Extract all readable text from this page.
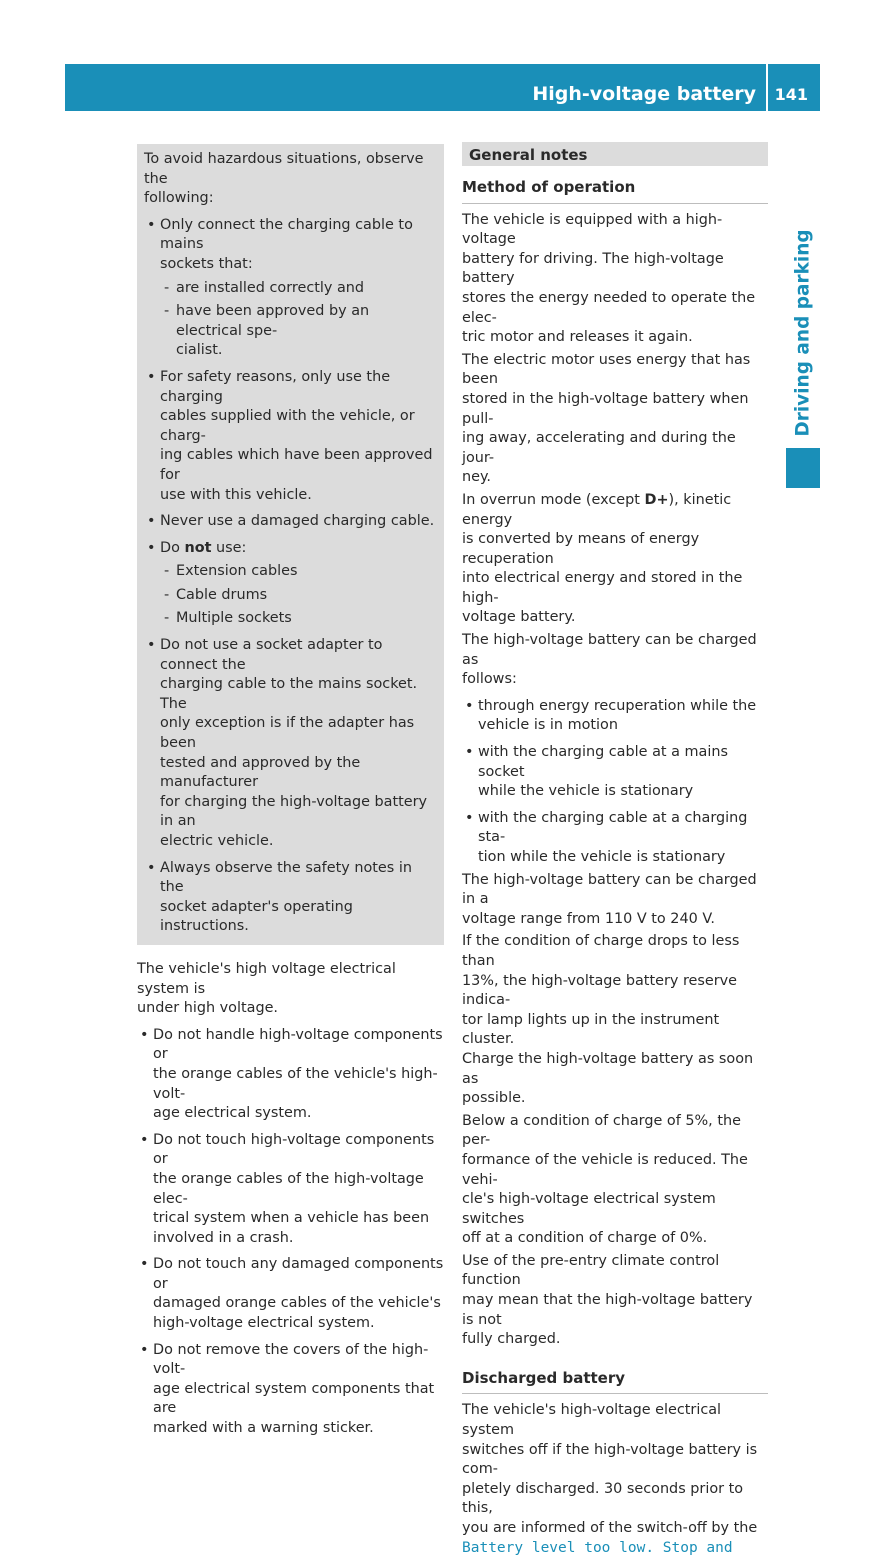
High-voltage battery 141
Driving and parking

To avoid hazardous situations, observe the
following:

• Only connect the charging cable to mains
sockets that:
- are installed correctly and
- have been approved by an electrical spe-
cialist.
• For safety reasons, only use the charging
cables supplied with the vehicle, or charg-
ing cables which have been approved for
use with this vehicle.
• Never use a damaged charging cable.
• Do not use:
- Extension cables
- Cable drums
- Multiple sockets
• Do not use a socket adapter to connect the
charging cable to the mains socket. The
only exception is if the adapter has been
tested and approved by the manufacturer
for charging the high-voltage battery in an
electric vehicle.
• Always observe the safety notes in the
socket adapter's operating instructions.

The vehicle's high voltage electrical system is
under high voltage.

• Do not handle high-voltage components or
the orange cables of the vehicle's high-volt-
age electrical system.
• Do not touch high-voltage components or
the orange cables of the high-voltage elec-
trical system when a vehicle has been
involved in a crash.
• Do not touch any damaged components or
damaged orange cables of the vehicle's
high-voltage electrical system.
• Do not remove the covers of the high-volt-
age electrical system components that are
marked with a warning sticker.
General notes
Method of operation

The vehicle is equipped with a high-voltage
battery for driving. The high-voltage battery
stores the energy needed to operate the elec-
tric motor and releases it again.

The electric motor uses energy that has been
stored in the high-voltage battery when pull-
ing away, accelerating and during the jour-
ney.

In overrun mode (except D+), kinetic energy
is converted by means of energy recuperation
into electrical energy and stored in the high-
voltage battery.

The high-voltage battery can be charged as
follows:

• through energy recuperation while the
vehicle is in motion
• with the charging cable at a mains socket
while the vehicle is stationary
• with the charging cable at a charging sta-
tion while the vehicle is stationary

The high-voltage battery can be charged in a
voltage range from 110 V to 240 V.

If the condition of charge drops to less than
13%, the high-voltage battery reserve indica-
tor lamp lights up in the instrument cluster.
Charge the high-voltage battery as soon as
possible.

Below a condition of charge of 5%, the per-
formance of the vehicle is reduced. The vehi-
cle's high-voltage electrical system switches
off at a condition of charge of 0%.

Use of the pre-entry climate control function
may mean that the high-voltage battery is not
fully charged.

Discharged battery

The vehicle's high-voltage electrical system
switches off if the high-voltage battery is com-
pletely discharged. 30 seconds prior to this,
you are informed of the switch-off by the

Battery level too low. Stop and
